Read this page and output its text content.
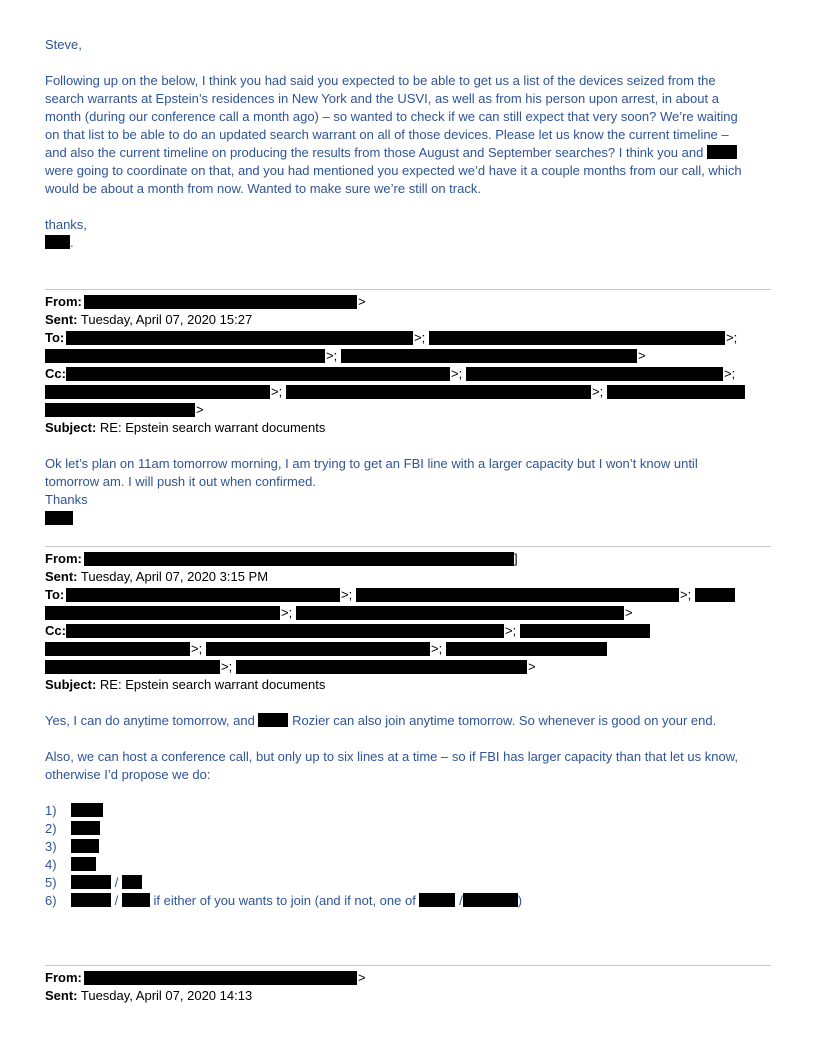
Steve,
Following up on the below, I think you had said you expected to be able to get us a list of the devices seized from the
search warrants at Epstein’s residences in New York and the USVI, as well as from his person upon arrest, in about a
month (during our conference call a month ago) – so wanted to check if we can still expect that very soon? We’re waiting
on that list to be able to do an updated search warrant on all of those devices. Please let us know the current timeline –
and also the current timeline on producing the results from those August and September searches? I think you and
were going to coordinate on that, and you had mentioned you expected we’d have it a couple months from our call, which
would be about a month from now. Wanted to make sure we’re still on track.
thanks,
.
From:	>
Sent: Tuesday, April 07, 2020 15:27
To:	>;	>;
>;	>
Cc:	>;	>;
>;	>;
>
Subject: RE: Epstein search warrant documents
Ok let’s plan on 11am tomorrow morning, I am trying to get an FBI line with a larger capacity but I won’t know until
tomorrow am. I will push it out when confirmed.
Thanks
From:	]
Sent: Tuesday, April 07, 2020 3:15 PM
To:	>;	>;
>;	>
Cc:	>;
>;	>;
>;	>
Subject: RE: Epstein search warrant documents
Yes, I can do anytime tomorrow, and	Rozier can also join anytime tomorrow. So whenever is good on your end.
Also, we can host a conference call, but only up to six lines at a time – so if FBI has larger capacity than that let us know,
otherwise I’d propose we do:
1)
2)
3)
4)
5)	/
6)	/	if either of you wants to join (and if not, one of	/	)
From:	>
Sent: Tuesday, April 07, 2020 14:13
